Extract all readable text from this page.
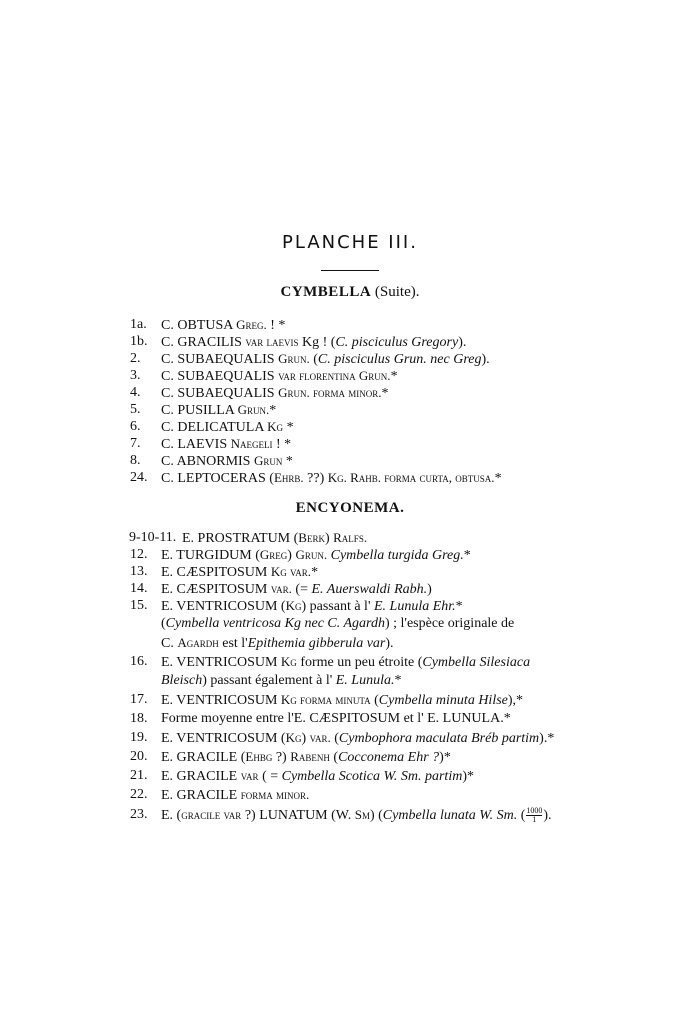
PLANCHE III.
CYMBELLA (Suite).
1a. C. OBTUSA Greg. ! *
1b. C. GRACILIS var laevis Kg ! (C. pisciculus Gregory).
2. C. SUBAEQUALIS Grun. (C. pisciculus Grun. nec Greg).
3. C. SUBAEQUALIS var florentina Grun.*
4. C. SUBAEQUALIS Grun. forma minor.*
5. C. PUSILLA Grun.*
6. C. DELICATULA Kg *
7. C. LAEVIS Naegeli ! *
8. C. ABNORMIS Grun *
24. C. LEPTOCERAS (Ehrb. ??) Kg. Rahb. forma curta, obtusa.*
ENCYONEMA.
9-10-11. E. PROSTRATUM (Berk) Ralfs.
12. E. TURGIDUM (Greg) Grun. Cymbella turgida Greg.*
13. E. CÆSPITOSUM Kg var.*
14. E. CÆSPITOSUM var. (= E. Auerswaldi Rabh.)
15. E. VENTRICOSUM (Kg) passant à l' E. Lunula Ehr.*
(Cymbella ventricosa Kg nec C. Agardh) ; l'espèce originale de
C. Agardh est l'Epithemia gibberula var).
16. E. VENTRICOSUM Kg forme un peu étroite (Cymbella Silesiaca
Bleisch) passant également à l' E. Lunula.*
17. E. VENTRICOSUM Kg forma minuta (Cymbella minuta Hilse),*
18. Forme moyenne entre l'E. CÆSPITOSUM et l' E. LUNULA.*
19. E. VENTRICOSUM (Kg) var. (Cymbophora maculata Bréb partim).*
20. E. GRACILE (Ehbg ?) Rabenh (Cocconema Ehr ?)*
21. E. GRACILE var ( = Cymbella Scotica W. Sm. partim)*
22. E. GRACILE forma minor.
23. E. (gracile var ?) LUNATUM (W. Sm) (Cymbella lunata W. Sm. ( $\frac{1000}{1}$ ).
